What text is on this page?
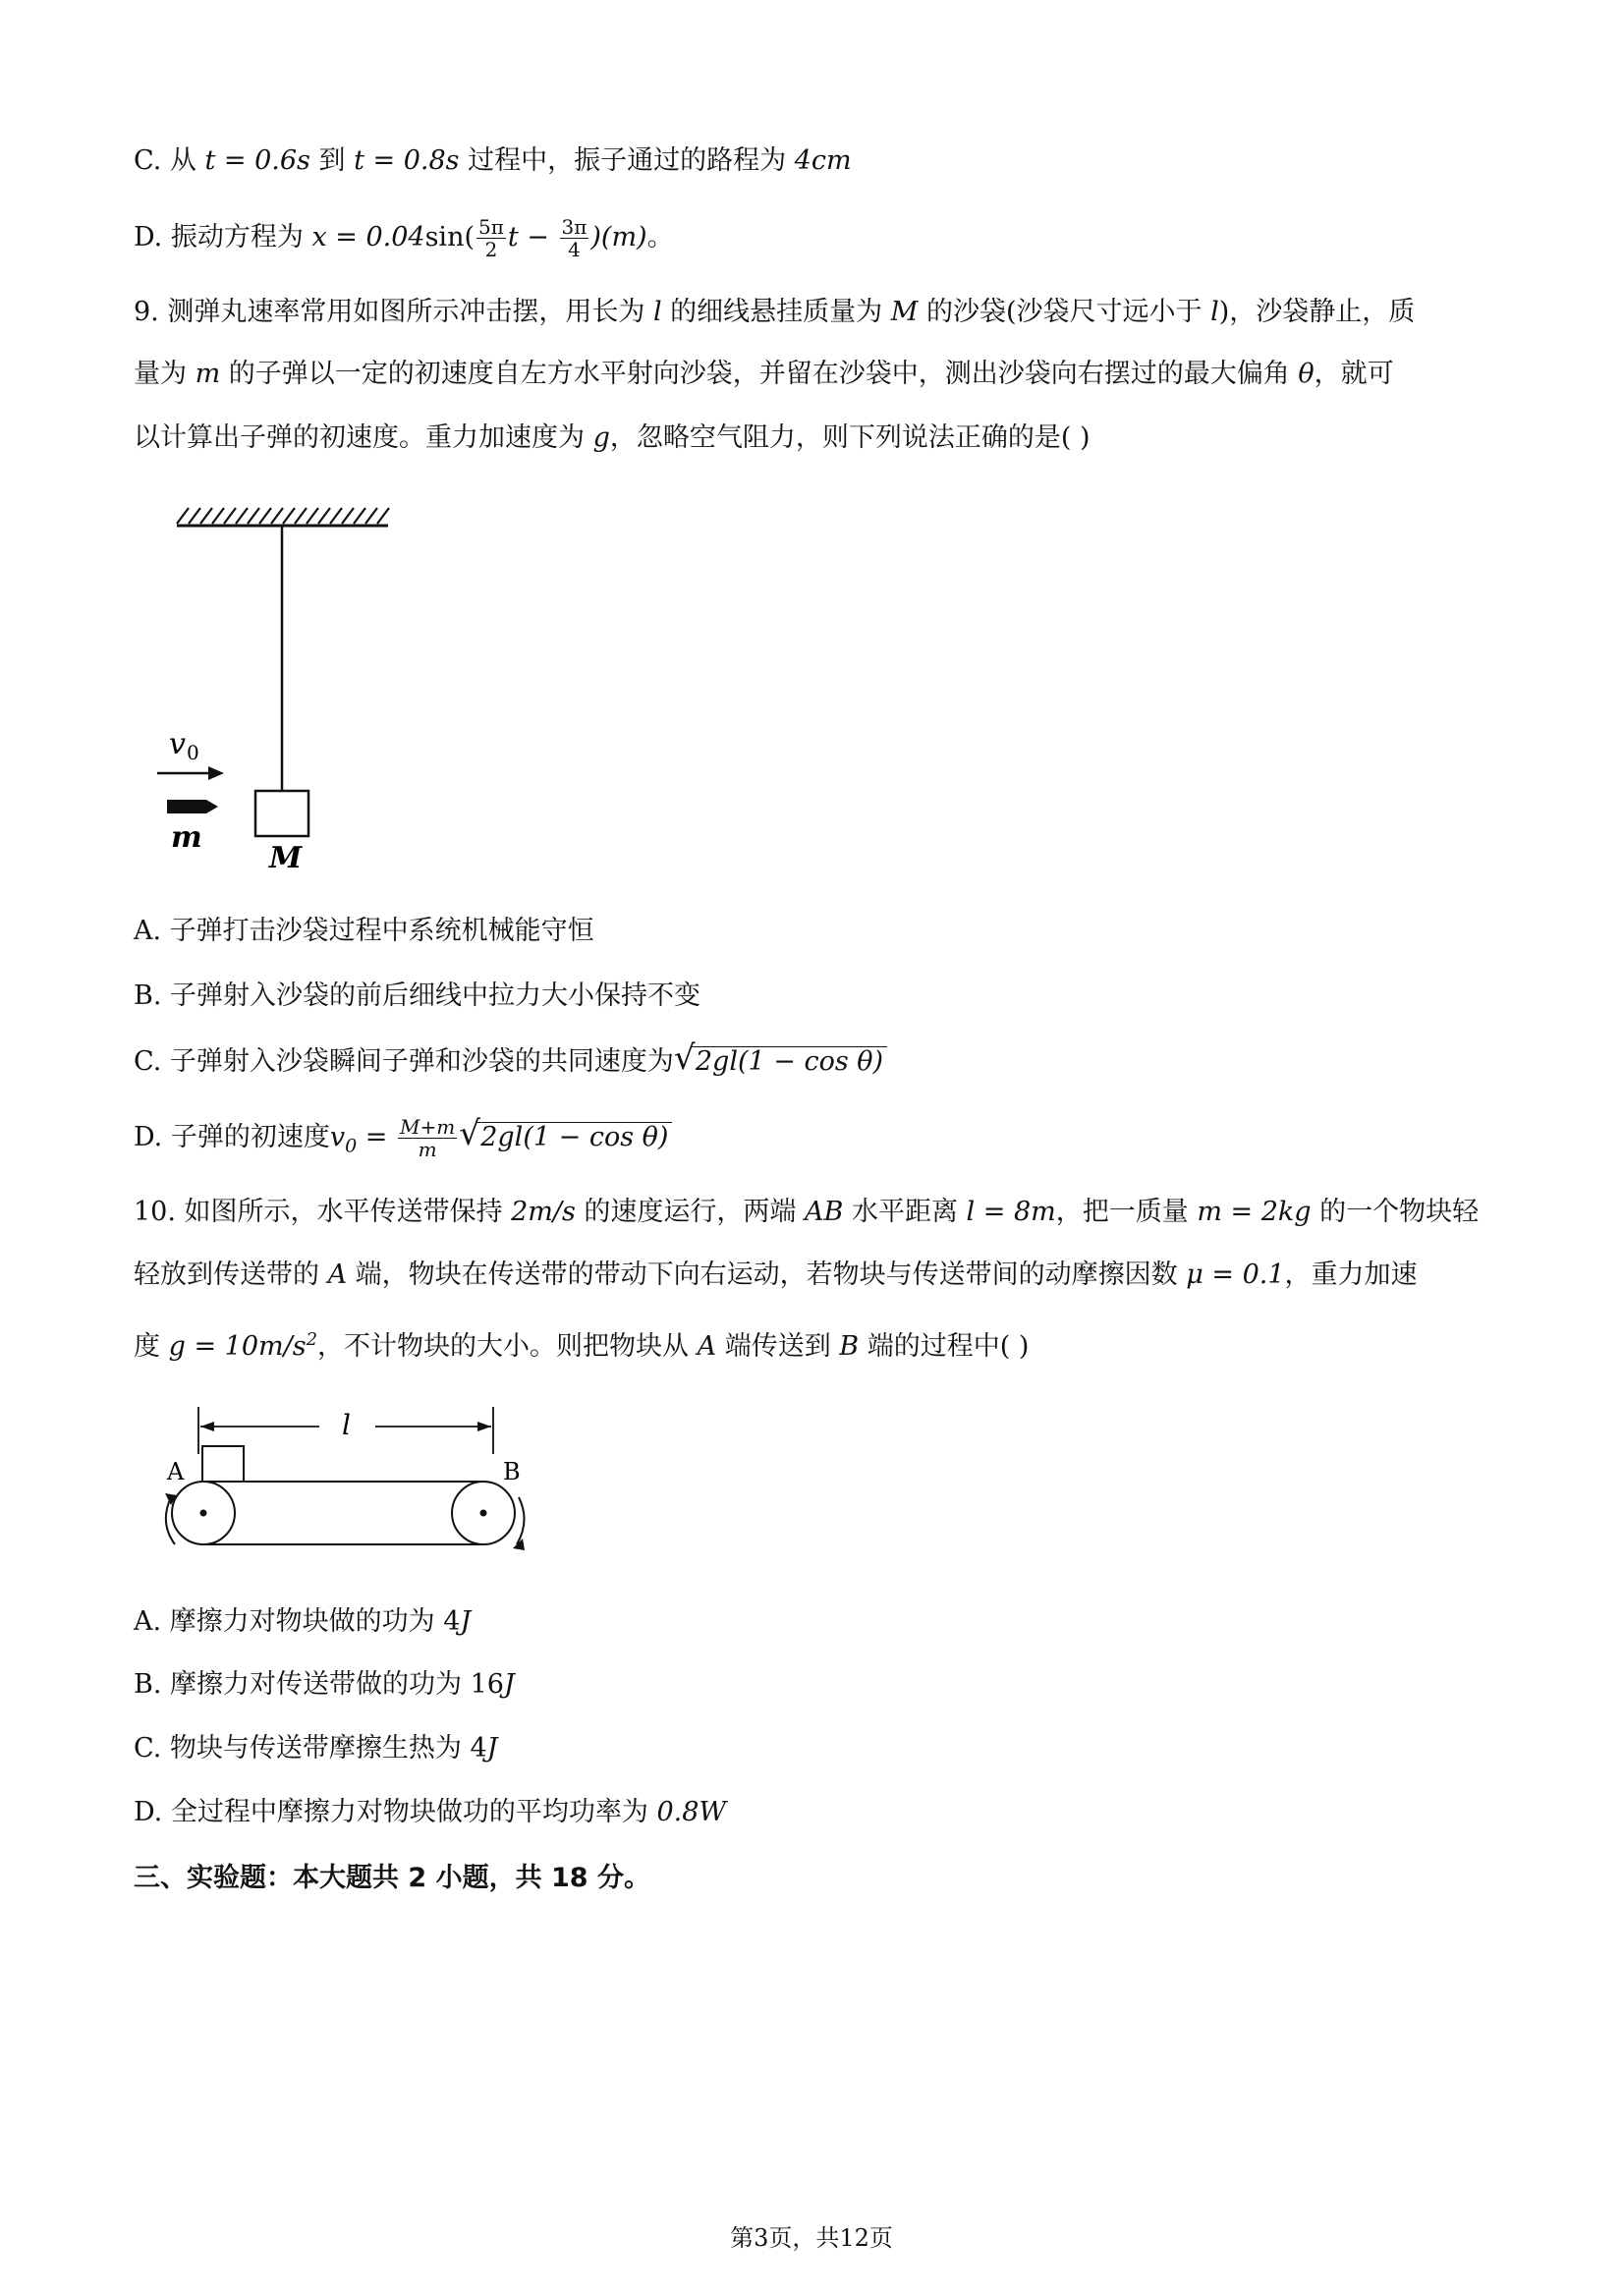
C. 从 t = 0.6s 到 t = 0.8s 过程中，振子通过的路程为 4cm
D. 振动方程为 $x = 0.04\sin( \frac{5\pi}{2}$ $t - \frac{3\pi}{4} )(m)$。
9. 测弹丸速率常用如图所示冲击摆，用长为 l 的细线悬挂质量为 M 的沙袋(沙袋尺寸远小于 l)，沙袋静止，质
量为 m 的子弹以一定的初速度自左方水平射向沙袋，并留在沙袋中，测出沙袋向右摆过的最大偏角 θ，就可
以计算出子弹的初速度。重力加速度为 g，忽略空气阻力，则下列说法正确的是( )
M
v 0
m
A. 子弹打击沙袋过程中系统机械能守恒
B. 子弹射入沙袋的前后细线中拉力大小保持不变
C. 子弹射入沙袋瞬间子弹和沙袋的共同速度为 √ 2gl(1 − cos θ)
D. 子弹的初速度$v_0 = \frac{M+m}{m}$ √ 2gl(1 − cos θ)
10. 如图所示，水平传送带保持 2m/s 的速度运行，两端 AB 水平距离 l = 8m，把一质量 m = 2kg 的一个物块轻
轻放到传送带的 A 端，物块在传送带的带动下向右运动，若物块与传送带间的动摩擦因数 μ = 0.1，重力加速
度 $g = 10m/s^2$，不计物块的大小。则把物块从 A 端传送到 B 端的过程中( )
l
A	B
A. 摩擦力对物块做的功为 4J
B. 摩擦力对传送带做的功为 16J
C. 物块与传送带摩擦生热为 4J
D. 全过程中摩擦力对物块做功的平均功率为 0.8W
三、实验题：本大题共 2 小题，共 18 分。
第3页，共12页
